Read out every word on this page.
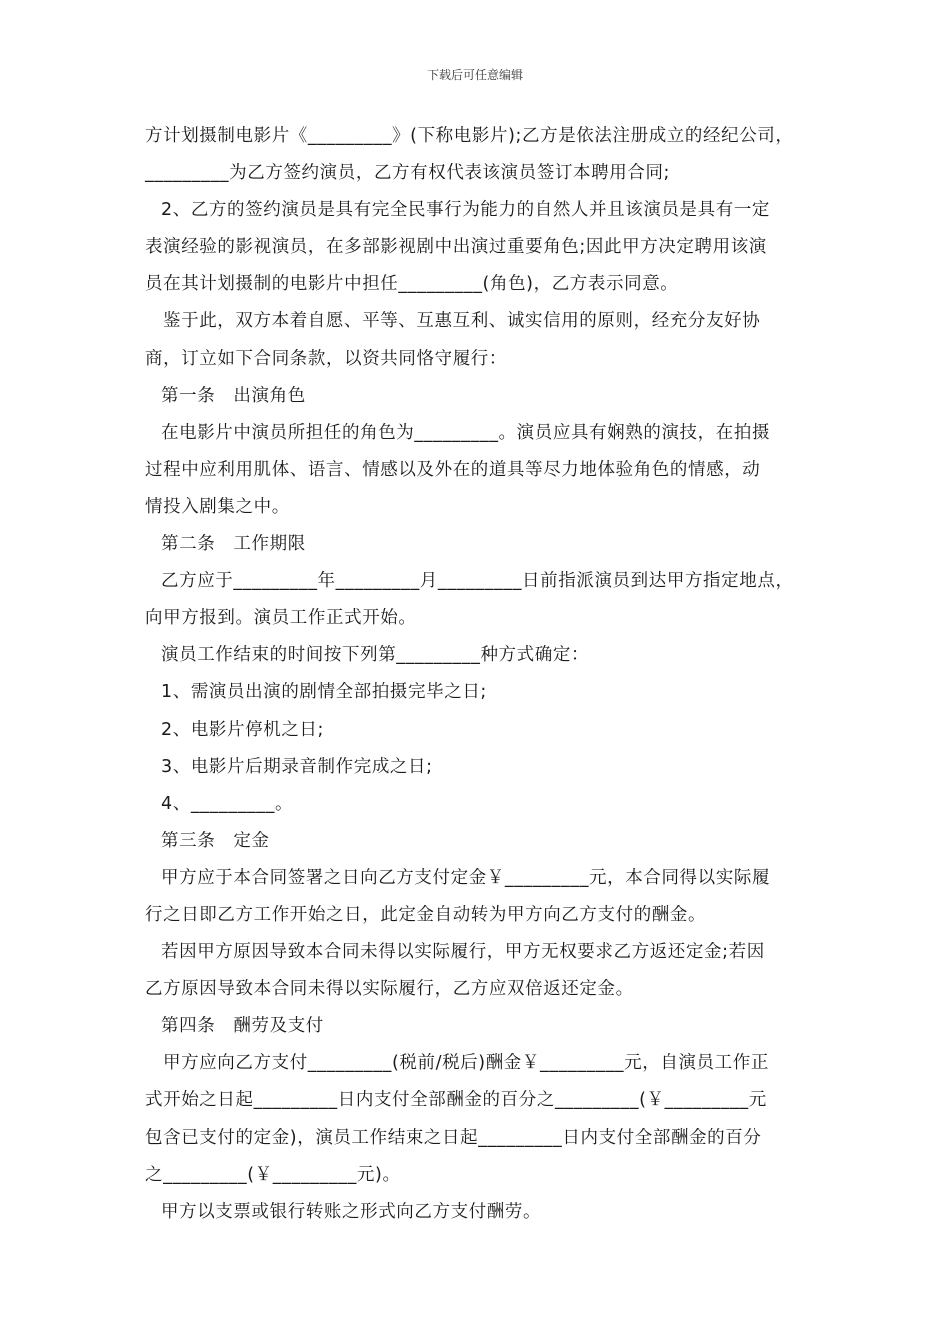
下载后可任意编辑
方计划摄制电影片《_________》(下称电影片);乙方是依法注册成立的经纪公司，
_________为乙方签约演员，乙方有权代表该演员签订本聘用合同;
2、乙方的签约演员是具有完全民事行为能力的自然人并且该演员是具有一定
表演经验的影视演员，在多部影视剧中出演过重要角色;因此甲方决定聘用该演
员在其计划摄制的电影片中担任_________(角色)，乙方表示同意。
鉴于此，双方本着自愿、平等、互惠互利、诚实信用的原则，经充分友好协
商，订立如下合同条款，以资共同恪守履行：
第一条　出演角色
在电影片中演员所担任的角色为_________。演员应具有娴熟的演技，在拍摄
过程中应利用肌体、语言、情感以及外在的道具等尽力地体验角色的情感，动
情投入剧集之中。
第二条　工作期限
乙方应于_________年_________月_________日前指派演员到达甲方指定地点，
向甲方报到。演员工作正式开始。
演员工作结束的时间按下列第_________种方式确定：
1、需演员出演的剧情全部拍摄完毕之日;
2、电影片停机之日;
3、电影片后期录音制作完成之日;
4、_________。
第三条　定金
甲方应于本合同签署之日向乙方支付定金￥_________元，本合同得以实际履
行之日即乙方工作开始之日，此定金自动转为甲方向乙方支付的酬金。
若因甲方原因导致本合同未得以实际履行，甲方无权要求乙方返还定金;若因
乙方原因导致本合同未得以实际履行，乙方应双倍返还定金。
第四条　酬劳及支付
甲方应向乙方支付_________(税前/税后)酬金￥_________元，自演员工作正
式开始之日起_________日内支付全部酬金的百分之_________(￥_________元
包含已支付的定金)，演员工作结束之日起_________日内支付全部酬金的百分
之_________(￥_________元)。
甲方以支票或银行转账之形式向乙方支付酬劳。
